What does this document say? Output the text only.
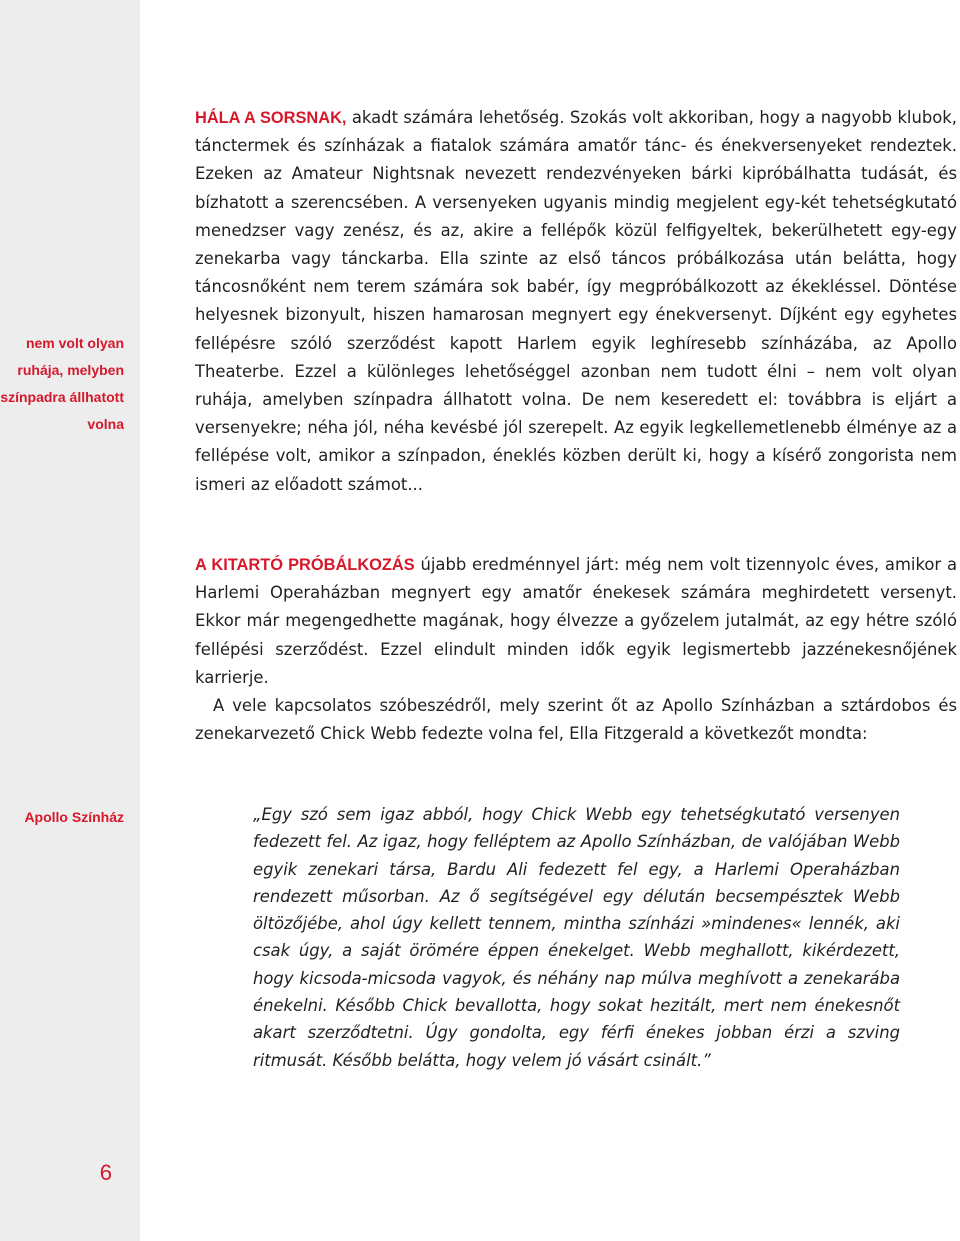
nem volt olyan
ruhája, melyben
színpadra állhatott
volna
Apollo Színház
6

HÁLA A SORSNAK, akadt számára lehetőség. Szokás volt akkoriban, hogy a nagyobb klubok, tánctermek és színházak a fiatalok számára amatőr tánc- és énekversenyeket rendeztek. Ezeken az Amateur Nightsnak nevezett rendezvényeken bárki kipróbálhatta tudását, és bízhatott a szerencsében. A versenyeken ugyanis mindig megjelent egy-két tehetségkutató menedzser vagy zenész, és az, akire a fellépők közül felfigyeltek, bekerülhetett egy-egy zenekarba vagy tánckarba. Ella szinte az első táncos próbálkozása után belátta, hogy táncosnőként nem terem számára sok babér, így megpróbálkozott az ékekléssel. Döntése helyesnek bizonyult, hiszen hamarosan megnyert egy énekversenyt. Díjként egy egyhetes fellépésre szóló szerződést kapott Harlem egyik leghíresebb színházába, az Apollo Theaterbe. Ezzel a különleges lehetőséggel azonban nem tudott élni – nem volt olyan ruhája, amelyben színpadra állhatott volna. De nem keseredett el: továbbra is eljárt a versenyekre; néha jól, néha kevésbé jól szerepelt. Az egyik legkellemetlenebb élménye az a fellépése volt, amikor a színpadon, éneklés közben derült ki, hogy a kísérő zongorista nem ismeri az előadott számot...

A KITARTÓ PRÓBÁLKOZÁS újabb eredménnyel járt: még nem volt tizennyolc éves, amikor a Harlemi Operaházban megnyert egy amatőr énekesek számára meghirdetett versenyt. Ekkor már megengedhette magának, hogy élvezze a győzelem jutalmát, az egy hétre szóló fellépési szerződést. Ezzel elindult minden idők egyik legismertebb jazzénekesnőjének karrierje.

A vele kapcsolatos szóbeszédről, mely szerint őt az Apollo Színházban a sztárdobos és zenekarvezető Chick Webb fedezte volna fel, Ella Fitzgerald a következőt mondta:

„Egy szó sem igaz abból, hogy Chick Webb egy tehetségkutató versenyen fedezett fel. Az igaz, hogy felléptem az Apollo Színházban, de valójában Webb egyik zenekari társa, Bardu Ali fedezett fel egy, a Harlemi Operaházban rendezett műsorban. Az ő segítségével egy délután becsempésztek Webb öltözőjébe, ahol úgy kellett tennem, mintha színházi »mindenes« lennék, aki csak úgy, a saját örömére éppen énekelget. Webb meghallott, kikérdezett, hogy kicsoda-micsoda vagyok, és néhány nap múlva meghívott a zenekarába énekelni. Később Chick bevallotta, hogy sokat hezitált, mert nem énekesnőt akart szerződtetni. Úgy gondolta, egy férfi énekes jobban érzi a szving ritmusát. Később belátta, hogy velem jó vásárt csinált.”
